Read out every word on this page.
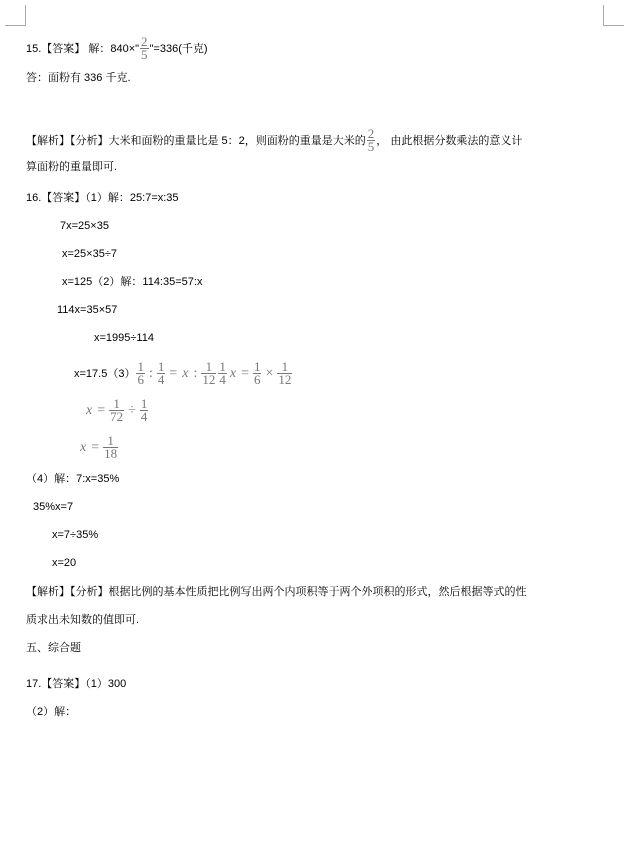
15.【答案】 解：840×" $\frac{2}{5}$ "=336(千克)
答：面粉有 336 千克.
【解析】【分析】大米和面粉的重量比是 5：2，则面粉的重量是大米的 $\frac{2}{5}$ ， 由此根据分数乘法的意义计
算面粉的重量即可.
16.【答案】（1）解：25:7=x:35
7x=25×35
x=25×35÷7
x=125（2）解：114:35=57:x
114x=35×57
x=1995÷114
$x=17.5(3) \frac{1}{6}$ : $\frac{1}{4} = x$ : $\frac{1}{12} \frac{1}{4}$ $x = \frac{1}{6} \times \frac{1}{12}$
$x = \frac{1}{72} \div \frac{1}{4}$
$x = \frac{1}{18}$
（4）解：7:x=35%
35%x=7
x=7÷35%
x=20
【解析】【分析】根据比例的基本性质把比例写出两个内项积等于两个外项积的形式，然后根据等式的性
质求出未知数的值即可.
五、综合题
17.【答案】（1）300
（2）解：
